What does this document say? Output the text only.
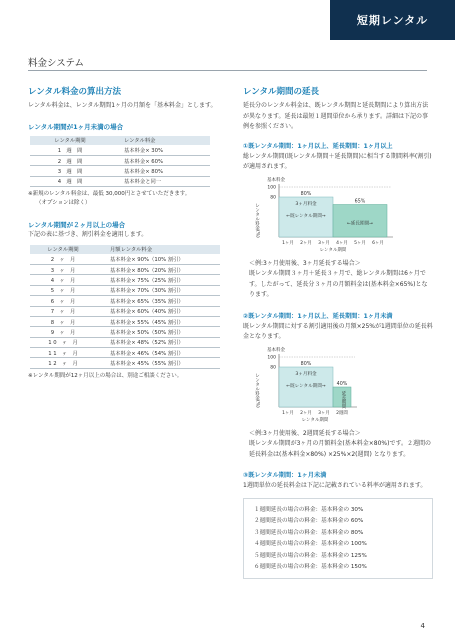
短期レンタル
料金システム
レンタル料金の算出方法

レンタル料金は、レンタル期間1ヶ月の月額を「基本料金」とします。

レンタル期間が1ヶ月未満の場合
レンタル期間	レンタル料金
1　週　間	基本料金× 30%
2　週　間	基本料金× 60%
3　週　間	基本料金× 80%
4　週　間	基本料金と同一
※新規のレンタル料金は、最低 30,000円とさせていただきます。
（オプションは除く）
レンタル期間が２ヶ月以上の場合

下記の表に基づき、割引料金を適用します。

レンタル期間	月額レンタル料金
2　ヶ　月	基本料金× 90%（10% 割引）
3　ヶ　月	基本料金× 80%（20% 割引）
4　ヶ　月	基本料金× 75%（25% 割引）
5　ヶ　月	基本料金× 70%（30% 割引）
6　ヶ　月	基本料金× 65%（35% 割引）
7　ヶ　月	基本料金× 60%（40% 割引）
8　ヶ　月	基本料金× 55%（45% 割引）
9　ヶ　月	基本料金× 50%（50% 割引）
1 0　ヶ　月	基本料金× 48%（52% 割引）
1 1　ヶ　月	基本料金× 46%（54% 割引）
1 2　ヶ　月	基本料金× 45%（55% 割引）
※レンタル期間が12ヶ月以上の場合は、別途ご相談ください。
レンタル期間の延長

延長分のレンタル料金は、既レンタル期間と延長期間により算出方法が異なります。延長は最短１週間単位から承ります。詳細は下記の事例を参照ください。

①既レンタル期間：1ヶ月以上、延長期間：1ヶ月以上

総レンタル期間(既レンタル期間＋延長期間)に相当する期間料率(割引)が適用されます。

基本料金
レンタル料金(%)
100
80
80%
3ヶ月料金
←既レンタル期間→
65%
←延長期間→
1ヶ月 2ヶ月 3ヶ月 4ヶ月 5ヶ月 6ヶ月
レンタル期間
＜例:3ヶ月使用後、3ヶ月延長する場合＞
既レンタル期間３ヶ月＋延長３ヶ月で、総レンタル期間は6ヶ月です。したがって、延長分３ヶ月の月額料金は(基本料金×65%)となります。
②既レンタル期間：1ヶ月以上、延長期間：1ヶ月未満

既レンタル期間に対する割引適用後の月額×25%が1週間単位の延長料金となります。

基本料金
レンタル料金(%)
100
80
80%
3ヶ月料金
←既レンタル期間→ 40%
延長期間
1ヶ月 2ヶ月 3ヶ月 2週間
レンタル期間
＜例:3ヶ月使用後、2週間延長する場合＞
既レンタル期間が3ヶ月の月額料金(基本料金×80%)です。２週間の延長料金は(基本料金×80%) ×25%×2(週間) となります。
③既レンタル期間：1ヶ月未満

1週間単位の延長料金は下記に記載されている料率が適用されます。

１週間延長の場合の料金：基本料金の 30%
２週間延長の場合の料金：基本料金の 60%
３週間延長の場合の料金：基本料金の 80%
４週間延長の場合の料金：基本料金の 100%
５週間延長の場合の料金：基本料金の 125%
６週間延長の場合の料金：基本料金の 150%
4
